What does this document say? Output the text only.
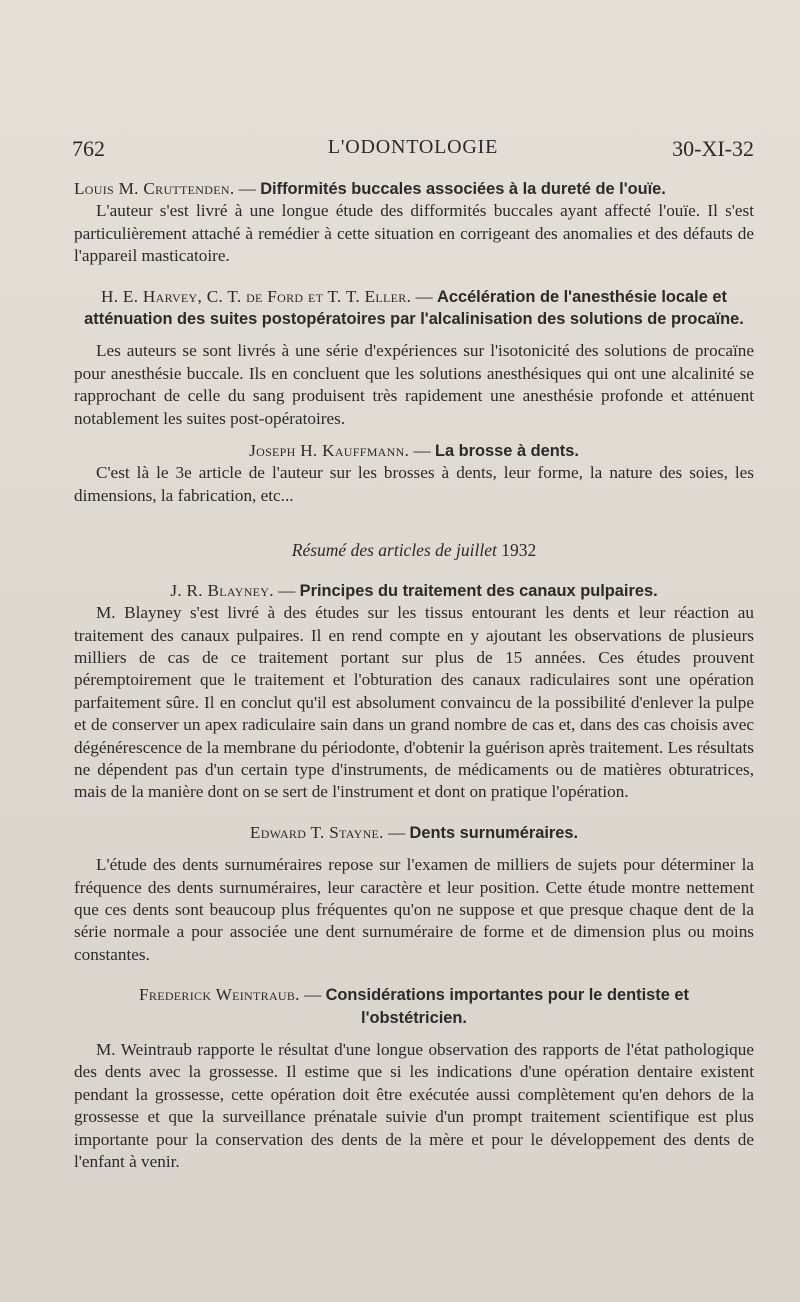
762	L'ODONTOLOGIE	30-XI-32
Louis M. Cruttenden. — Difformités buccales associées à la dureté de l'ouïe.

L'auteur s'est livré à une longue étude des difformités buccales ayant affecté l'ouïe. Il s'est particulièrement attaché à remédier à cette situation en corrigeant des anomalies et des défauts de l'appareil masticatoire.

H. E. Harvey, C. T. de Ford et T. T. Eller. — Accélération de l'anesthésie locale et atténuation des suites postopératoires par l'alcalinisation des solutions de procaïne.

Les auteurs se sont livrés à une série d'expériences sur l'isotonicité des solutions de procaïne pour anesthésie buccale. Ils en concluent que les solutions anesthésiques qui ont une alcalinité se rapprochant de celle du sang produisent très rapidement une anesthésie profonde et atténuent notablement les suites post-opératoires.

Joseph H. Kauffmann. — La brosse à dents.

C'est là le 3e article de l'auteur sur les brosses à dents, leur forme, la nature des soies, les dimensions, la fabrication, etc...

Résumé des articles de juillet 1932
J. R. Blayney. — Principes du traitement des canaux pulpaires.

M. Blayney s'est livré à des études sur les tissus entourant les dents et leur réaction au traitement des canaux pulpaires. Il en rend compte en y ajoutant les observations de plusieurs milliers de cas de ce traitement portant sur plus de 15 années. Ces études prouvent péremptoirement que le traitement et l'obturation des canaux radiculaires sont une opération parfaitement sûre. Il en conclut qu'il est absolument convaincu de la possibilité d'enlever la pulpe et de conserver un apex radiculaire sain dans un grand nombre de cas et, dans des cas choisis avec dégénérescence de la membrane du périodonte, d'obtenir la guérison après traitement. Les résultats ne dépendent pas d'un certain type d'instruments, de médicaments ou de matières obturatrices, mais de la manière dont on se sert de l'instrument et dont on pratique l'opération.

Edward T. Stayne. — Dents surnuméraires.

L'étude des dents surnuméraires repose sur l'examen de milliers de sujets pour déterminer la fréquence des dents surnuméraires, leur caractère et leur position. Cette étude montre nettement que ces dents sont beaucoup plus fréquentes qu'on ne suppose et que presque chaque dent de la série normale a pour associée une dent surnuméraire de forme et de dimension plus ou moins constantes.

Frederick Weintraub. — Considérations importantes pour le dentiste et l'obstétricien.

M. Weintraub rapporte le résultat d'une longue observation des rapports de l'état pathologique des dents avec la grossesse. Il estime que si les indications d'une opération dentaire existent pendant la grossesse, cette opération doit être exécutée aussi complètement qu'en dehors de la grossesse et que la surveillance prénatale suivie d'un prompt traitement scientifique est plus importante pour la conservation des dents de la mère et pour le développement des dents de l'enfant à venir.
